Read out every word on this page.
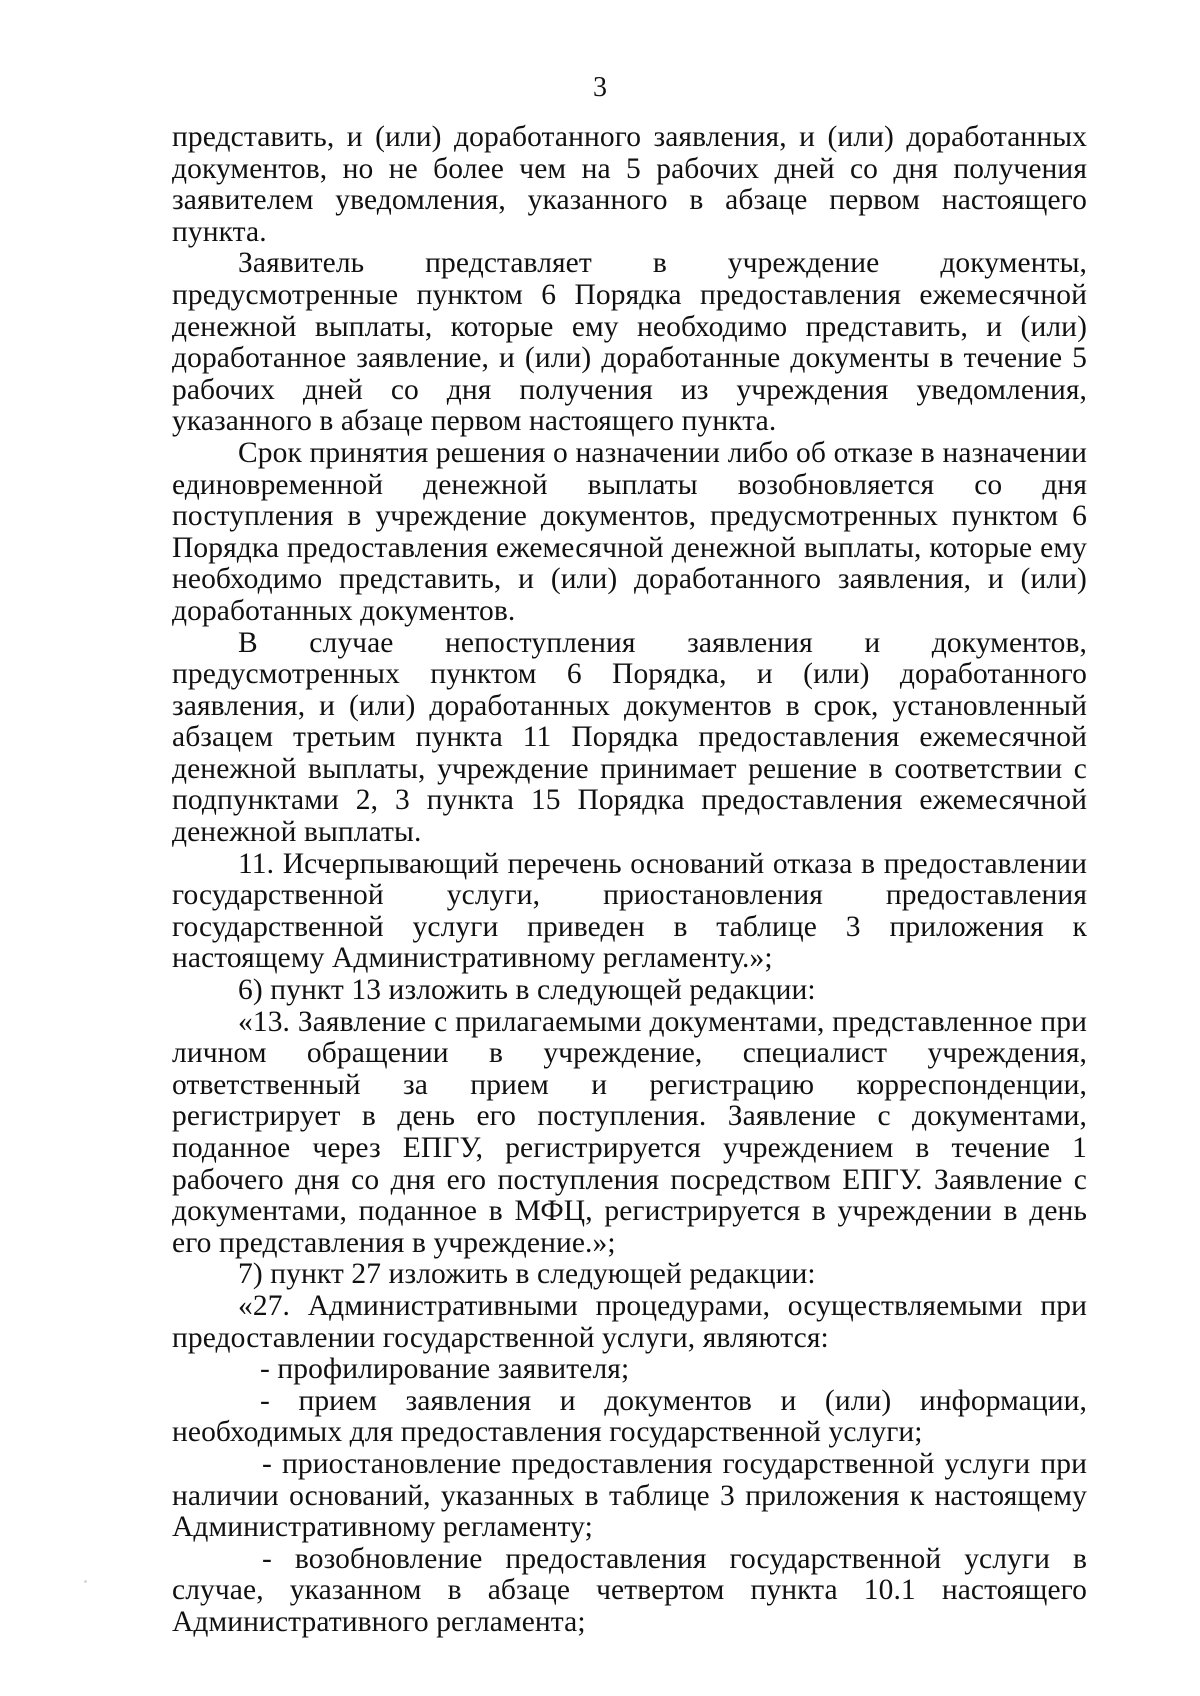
3

представить, и (или) доработанного заявления, и (или) доработанных документов, но не более чем на 5 рабочих дней со дня получения заявителем уведомления, указанного в абзаце первом настоящего пункта.

Заявитель представляет в учреждение документы, предусмотренные пунктом 6 Порядка предоставления ежемесячной денежной выплаты, которые ему необходимо представить, и (или) доработанное заявление, и (или) доработанные документы в течение 5 рабочих дней со дня получения из учреждения уведомления, указанного в абзаце первом настоящего пункта.

Срок принятия решения о назначении либо об отказе в назначении единовременной денежной выплаты возобновляется со дня поступления в учреждение документов, предусмотренных пунктом 6 Порядка предоставления ежемесячной денежной выплаты, которые ему необходимо представить, и (или) доработанного заявления, и (или) доработанных документов.

В случае непоступления заявления и документов, предусмотренных пунктом 6 Порядка, и (или) доработанного заявления, и (или) доработанных документов в срок, установленный абзацем третьим пункта 11 Порядка предоставления ежемесячной денежной выплаты, учреждение принимает решение в соответствии с подпунктами 2, 3 пункта 15 Порядка предоставления ежемесячной денежной выплаты.

11. Исчерпывающий перечень оснований отказа в предоставлении государственной услуги, приостановления предоставления государственной услуги приведен в таблице 3 приложения к настоящему Административному регламенту.»;

6) пункт 13 изложить в следующей редакции:

«13. Заявление с прилагаемыми документами, представленное при личном обращении в учреждение, специалист учреждения, ответственный за прием и регистрацию корреспонденции, регистрирует в день его поступления. Заявление с документами, поданное через ЕПГУ, регистрируется учреждением в течение 1 рабочего дня со дня его поступления посредством ЕПГУ. Заявление с документами, поданное в МФЦ, регистрируется в учреждении в день его представления в учреждение.»;

7) пункт 27 изложить в следующей редакции:

«27. Административными процедурами, осуществляемыми при предоставлении государственной услуги, являются:

- профилирование заявителя;

- прием заявления и документов и (или) информации, необходимых для предоставления государственной услуги;

- приостановление предоставления государственной услуги при наличии оснований, указанных в таблице 3 приложения к настоящему Административному регламенту;

- возобновление предоставления государственной услуги в случае, указанном в абзаце четвертом пункта 10.1 настоящего Административного регламента;
